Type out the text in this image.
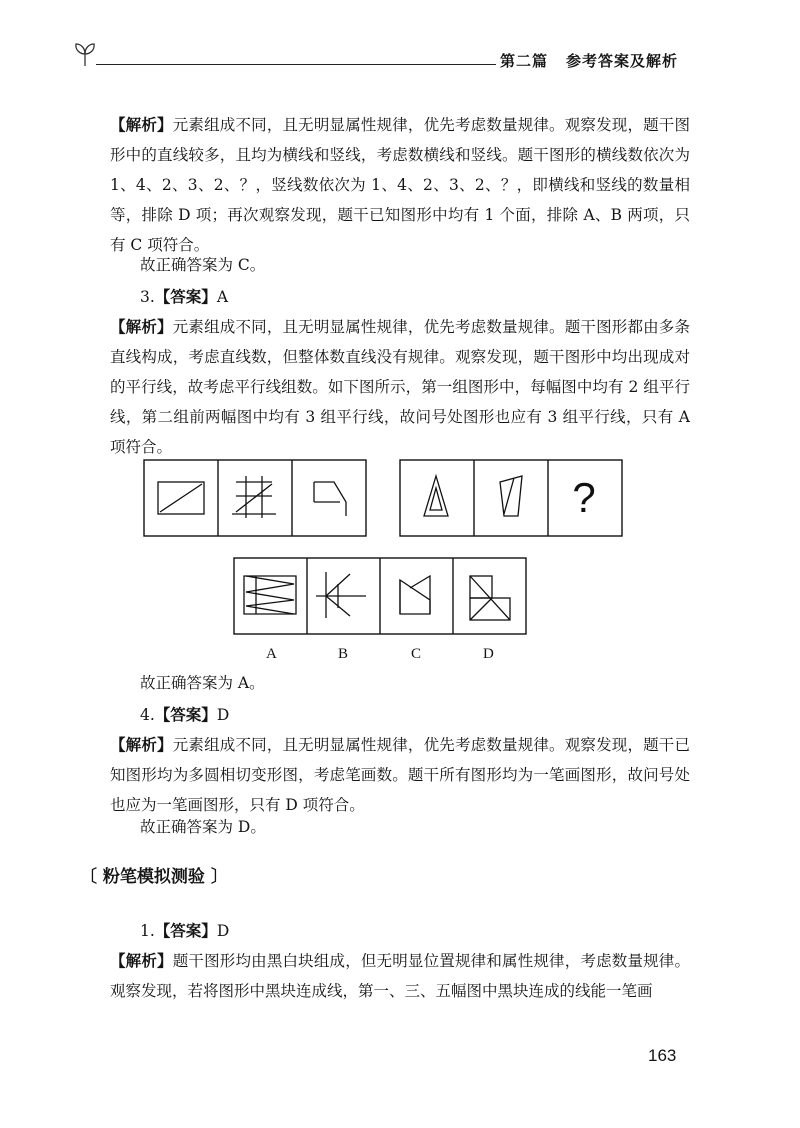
第二篇 参考答案及解析

【解析】元素组成不同，且无明显属性规律，优先考虑数量规律。观察发现，题干图形中的直线较多，且均为横线和竖线，考虑数横线和竖线。题干图形的横线数依次为 1、4、2、3、2、？，竖线数依次为 1、4、2、3、2、？，即横线和竖线的数量相等，排除 D 项；再次观察发现，题干已知图形中均有 1 个面，排除 A、B 两项，只有 C 项符合。

故正确答案为 C。
3.【答案】A

【解析】元素组成不同，且无明显属性规律，优先考虑数量规律。题干图形都由多条直线构成，考虑直线数，但整体数直线没有规律。观察发现，题干图形中均出现成对的平行线，故考虑平行线组数。如下图所示，第一组图形中，每幅图中均有 2 组平行线，第二组前两幅图中均有 3 组平行线，故问号处图形也应有 3 组平行线，只有 A 项符合。

?
A	B	C	D
故正确答案为 A。
4.【答案】D

【解析】元素组成不同，且无明显属性规律，优先考虑数量规律。观察发现，题干已知图形均为多圆相切变形图，考虑笔画数。题干所有图形均为一笔画图形，故问号处也应为一笔画图形，只有 D 项符合。

故正确答案为 D。
〔 粉笔模拟测验 〕
1.【答案】D

【解析】题干图形均由黑白块组成，但无明显位置规律和属性规律，考虑数量规律。观察发现，若将图形中黑块连成线，第一、三、五幅图中黑块连成的线能一笔画

163
